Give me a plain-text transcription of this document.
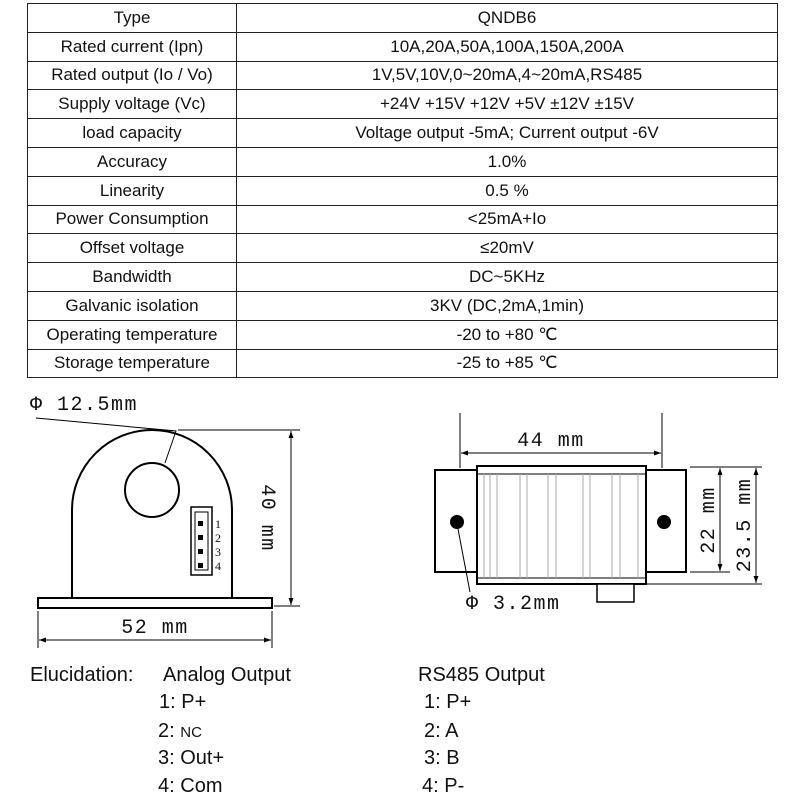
Type	QNDB6
Rated current (Ipn)	10A,20A,50A,100A,150A,200A
Rated output (Io / Vo)	1V,5V,10V,0~20mA,4~20mA,RS485
Supply voltage (Vc)	+24V +15V +12V +5V ±12V ±15V
load capacity	Voltage output -5mA; Current output -6V
Accuracy	1.0%
Linearity	0.5 %
Power Consumption	<25mA+Io
Offset voltage	≤20mV
Bandwidth	DC~5KHz
Galvanic isolation	3KV (DC,2mA,1min)
Operating temperature	-20 to +80 ℃
Storage temperature	-25 to +85 ℃
Φ 12.5mm
1
2
3
4
40 mm
52 mm
44 mm
Φ 3.2mm
22 mm 23.5 mm
Elucidation: Analog Output	RS485 Output
1: P+
2: NC
3: Out+
4: Com
1: P+
2: A
3: B
4: P-
